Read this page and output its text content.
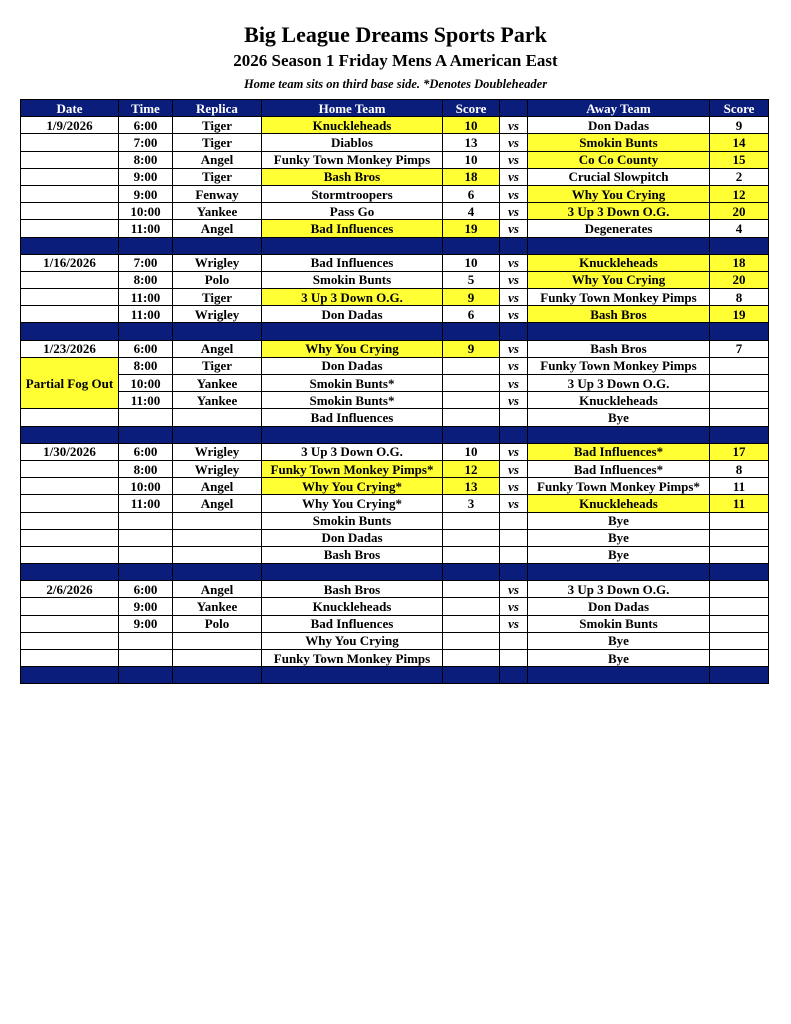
Big League Dreams Sports Park
2026 Season 1 Friday Mens A American East
Home team sits on third base side. *Denotes Doubleheader
Date	Time	Replica	Home Team	Score		Away Team	Score
1/9/2026	6:00	Tiger	Knuckleheads	10	vs	Don Dadas	9
	7:00	Tiger	Diablos	13	vs	Smokin Bunts	14
	8:00	Angel	Funky Town Monkey Pimps	10	vs	Co Co County	15
	9:00	Tiger	Bash Bros	18	vs	Crucial Slowpitch	2
	9:00	Fenway	Stormtroopers	6	vs	Why You Crying	12
	10:00	Yankee	Pass Go	4	vs	3 Up 3 Down O.G.	20
	11:00	Angel	Bad Influences	19	vs	Degenerates	4

1/16/2026	7:00	Wrigley	Bad Influences	10	vs	Knuckleheads	18
	8:00	Polo	Smokin Bunts	5	vs	Why You Crying	20
	11:00	Tiger	3 Up 3 Down O.G.	9	vs	Funky Town Monkey Pimps	8
	11:00	Wrigley	Don Dadas	6	vs	Bash Bros	19

1/23/2026	6:00	Angel	Why You Crying	9	vs	Bash Bros	7
Partial Fog Out	8:00	Tiger	Don Dadas		vs	Funky Town Monkey Pimps	
	10:00	Yankee	Smokin Bunts*		vs	3 Up 3 Down O.G.	
	11:00	Yankee	Smokin Bunts*		vs	Knuckleheads	
			Bad Influences			Bye	

1/30/2026	6:00	Wrigley	3 Up 3 Down O.G.	10	vs	Bad Influences*	17
	8:00	Wrigley	Funky Town Monkey Pimps*	12	vs	Bad Influences*	8
	10:00	Angel	Why You Crying*	13	vs	Funky Town Monkey Pimps*	11
	11:00	Angel	Why You Crying*	3	vs	Knuckleheads	11
			Smokin Bunts			Bye	
			Don Dadas			Bye	
			Bash Bros			Bye	

2/6/2026	6:00	Angel	Bash Bros		vs	3 Up 3 Down O.G.	
	9:00	Yankee	Knuckleheads		vs	Don Dadas	
	9:00	Polo	Bad Influences		vs	Smokin Bunts	
			Why You Crying			Bye	
			Funky Town Monkey Pimps			Bye	
